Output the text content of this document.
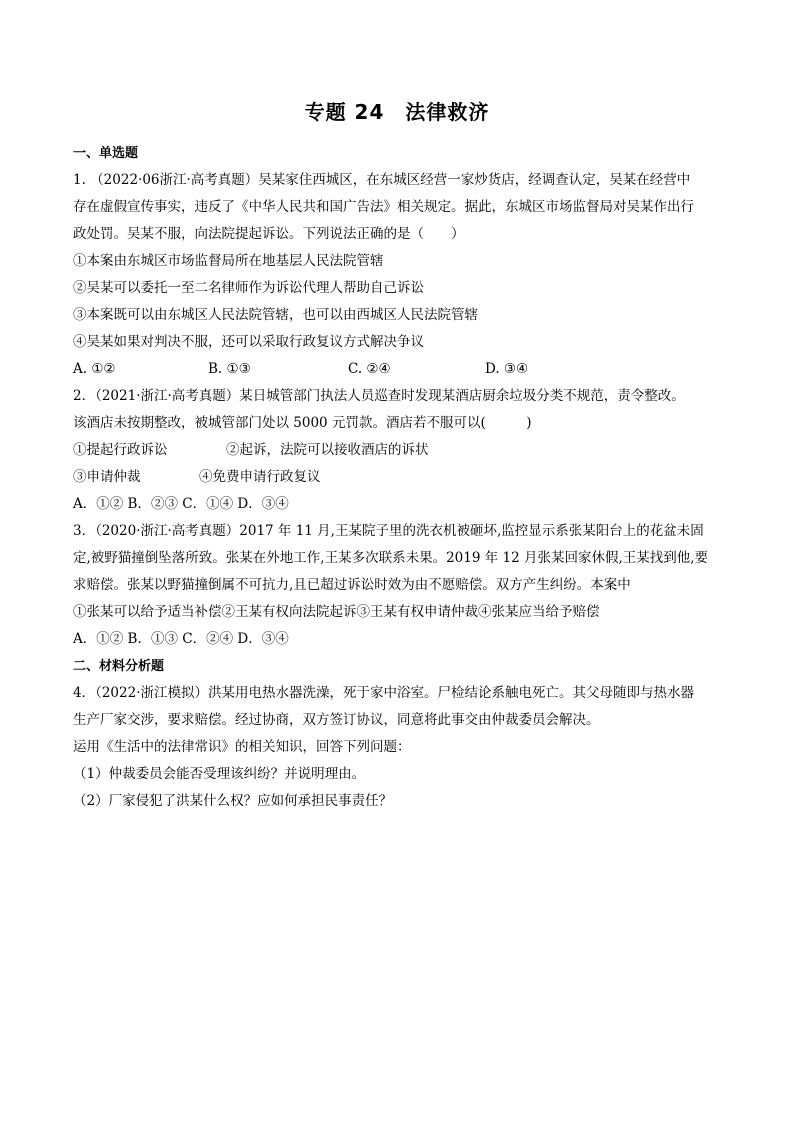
专题 24　法律救济
一、单选题
1. （2022·06浙江·高考真题）吴某家住西城区，在东城区经营一家炒货店，经调查认定，吴某在经营中
存在虚假宣传事实，违反了《中华人民共和国广告法》相关规定。据此，东城区市场监督局对吴某作出行
政处罚。吴某不服，向法院提起诉讼。下列说法正确的是（　　）
①本案由东城区市场监督局所在地基层人民法院管辖
②吴某可以委托一至二名律师作为诉讼代理人帮助自己诉讼
③本案既可以由东城区人民法院管辖，也可以由西城区人民法院管辖
④吴某如果对判决不服，还可以采取行政复议方式解决争议
A. ①②	B. ①③	C. ②④	D. ③④
2．（2021·浙江·高考真题）某日城管部门执法人员巡查时发现某酒店厨余垃圾分类不规范，责令整改。
该酒店未按期整改，被城管部门处以 5000 元罚款。酒店若不服可以(　　　)
①提起行政诉讼	②起诉，法院可以接收酒店的诉状
③申请仲裁	④免费申请行政复议
A．①② B．②③ C．①④ D．③④
3．（2020·浙江·高考真题）2017 年 11 月,王某院子里的洗衣机被砸坏,监控显示系张某阳台上的花盆未固
定,被野猫撞倒坠落所致。张某在外地工作,王某多次联系未果。2019 年 12 月张某回家休假,王某找到他,要
求赔偿。张某以野猫撞倒属不可抗力,且已超过诉讼时效为由不愿赔偿。双方产生纠纷。本案中
①张某可以给予适当补偿②王某有权向法院起诉③王某有权申请仲裁④张某应当给予赔偿
A．①② B．①③ C．②④ D．③④
二、材料分析题
4．（2022·浙江模拟）洪某用电热水器洗澡，死于家中浴室。尸检结论系触电死亡。其父母随即与热水器
生产厂家交涉，要求赔偿。经过协商，双方签订协议，同意将此事交由仲裁委员会解决。
运用《生活中的法律常识》的相关知识，回答下列问题：
（1）仲裁委员会能否受理该纠纷？并说明理由。
（2）厂家侵犯了洪某什么权？应如何承担民事责任？
